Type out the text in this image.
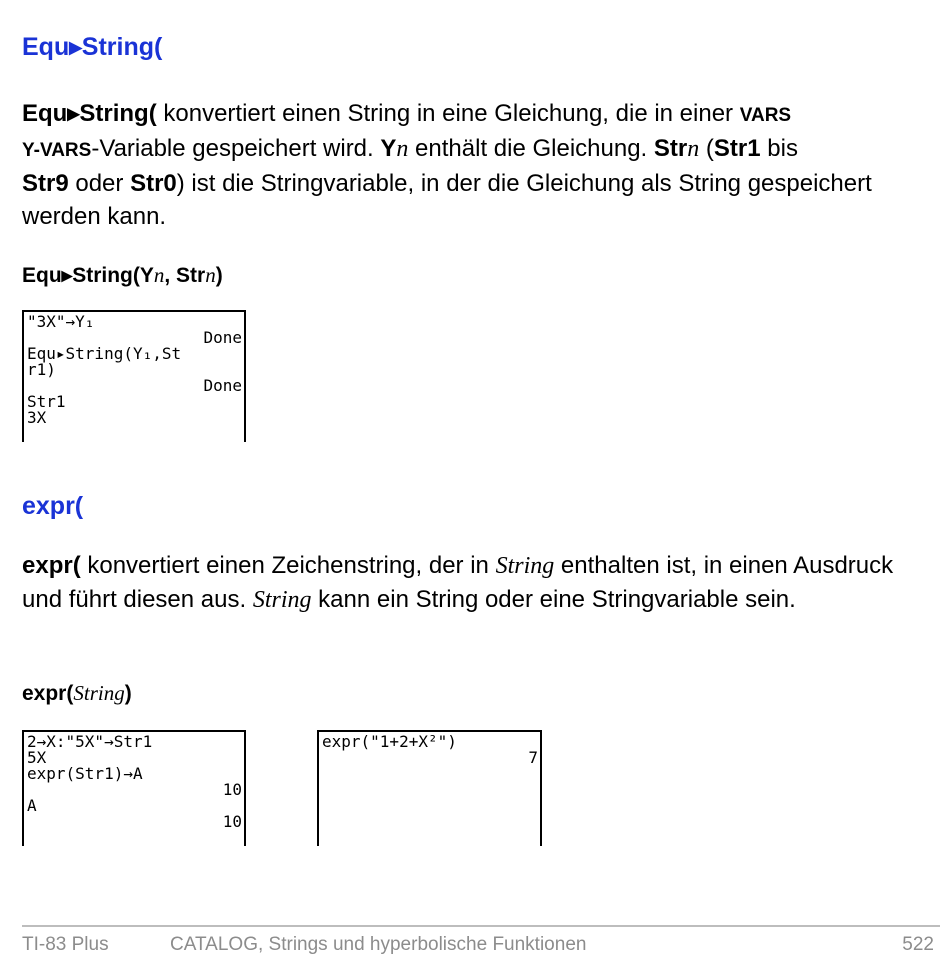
Equ▸String(

Equ▸String( konvertiert einen String in eine Gleichung, die in einer VARS
Y-VARS-Variable gespeichert wird. Yn enthält die Gleichung. Strn (Str1 bis
Str9 oder Str0) ist die Stringvariable, in der die Gleichung als String gespeichert werden kann.

Equ▸String(Yn, Strn)

"3X"→Y₁
Done
Equ▸String(Y₁,St
r1)
Done
Str1
3X
expr(

expr( konvertiert einen Zeichenstring, der in String enthalten ist, in einen Ausdruck und führt diesen aus. String kann ein String oder eine Stringvariable sein.

expr(String)

2→X:"5X"→Str1
5X
expr(Str1)→A
10
A
10
expr("1+2+X²")
7
TI-83 Plus	CATALOG, Strings und hyperbolische Funktionen	522
